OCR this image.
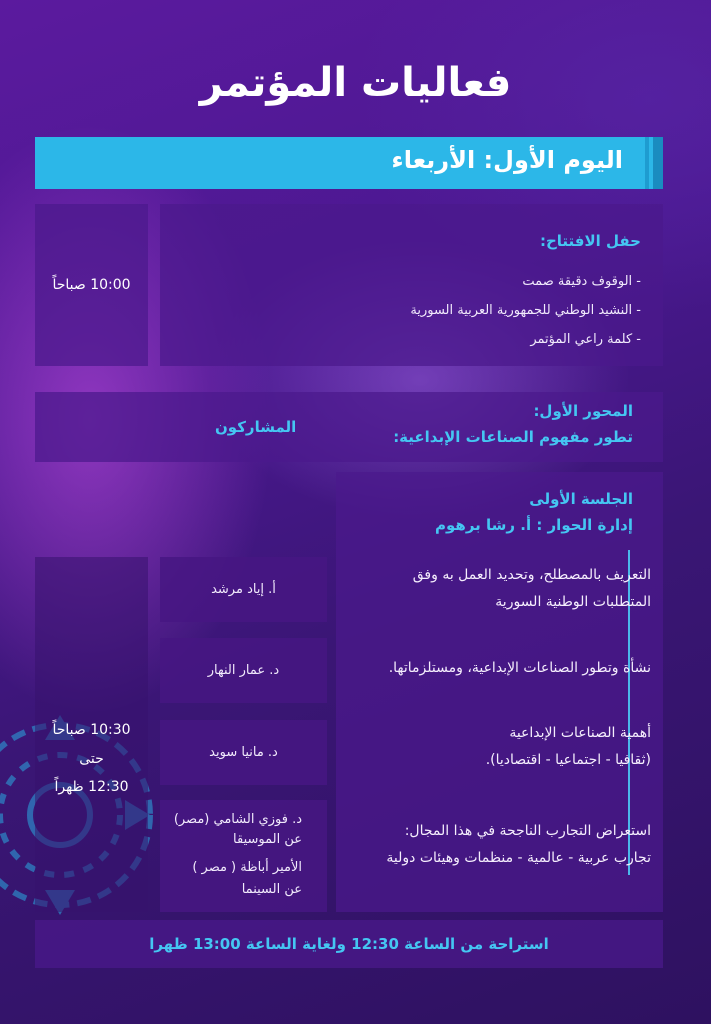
فعاليات المؤتمر
اليوم الأول: الأربعاء
10:00 صباحاً
حفل الافتتاح:
- الوقوف دقيقة صمت
- النشيد الوطني للجمهورية العربية السورية
- كلمة راعي المؤتمر
المحور الأول:
تطور مفهوم الصناعات الإبداعية:
المشاركون
الجلسة الأولى
إدارة الحوار : أ. رشا برهوم
التعريف بالمصطلح، وتحديد العمل به وفق
المتطلبات الوطنية السورية
نشأة وتطور الصناعات الإبداعية، ومستلزماتها.
أهمية الصناعات الإبداعية
(ثقافيا - اجتماعيا - اقتصاديا).
استعراض التجارب الناجحة في هذا المجال:
تجارب عربية - عالمية - منظمات وهيئات دولية
10:30 صباحاً
حتى
12:30 ظهراً
أ. إياد مرشد
د. عمار النهار
د. مانيا سويد
د. فوزي الشامي (مصر)
عن الموسيقا
الأمير أباظة ( مصر )
عن السينما
استراحة من الساعة 12:30 ولغاية الساعة 13:00 ظهرا
